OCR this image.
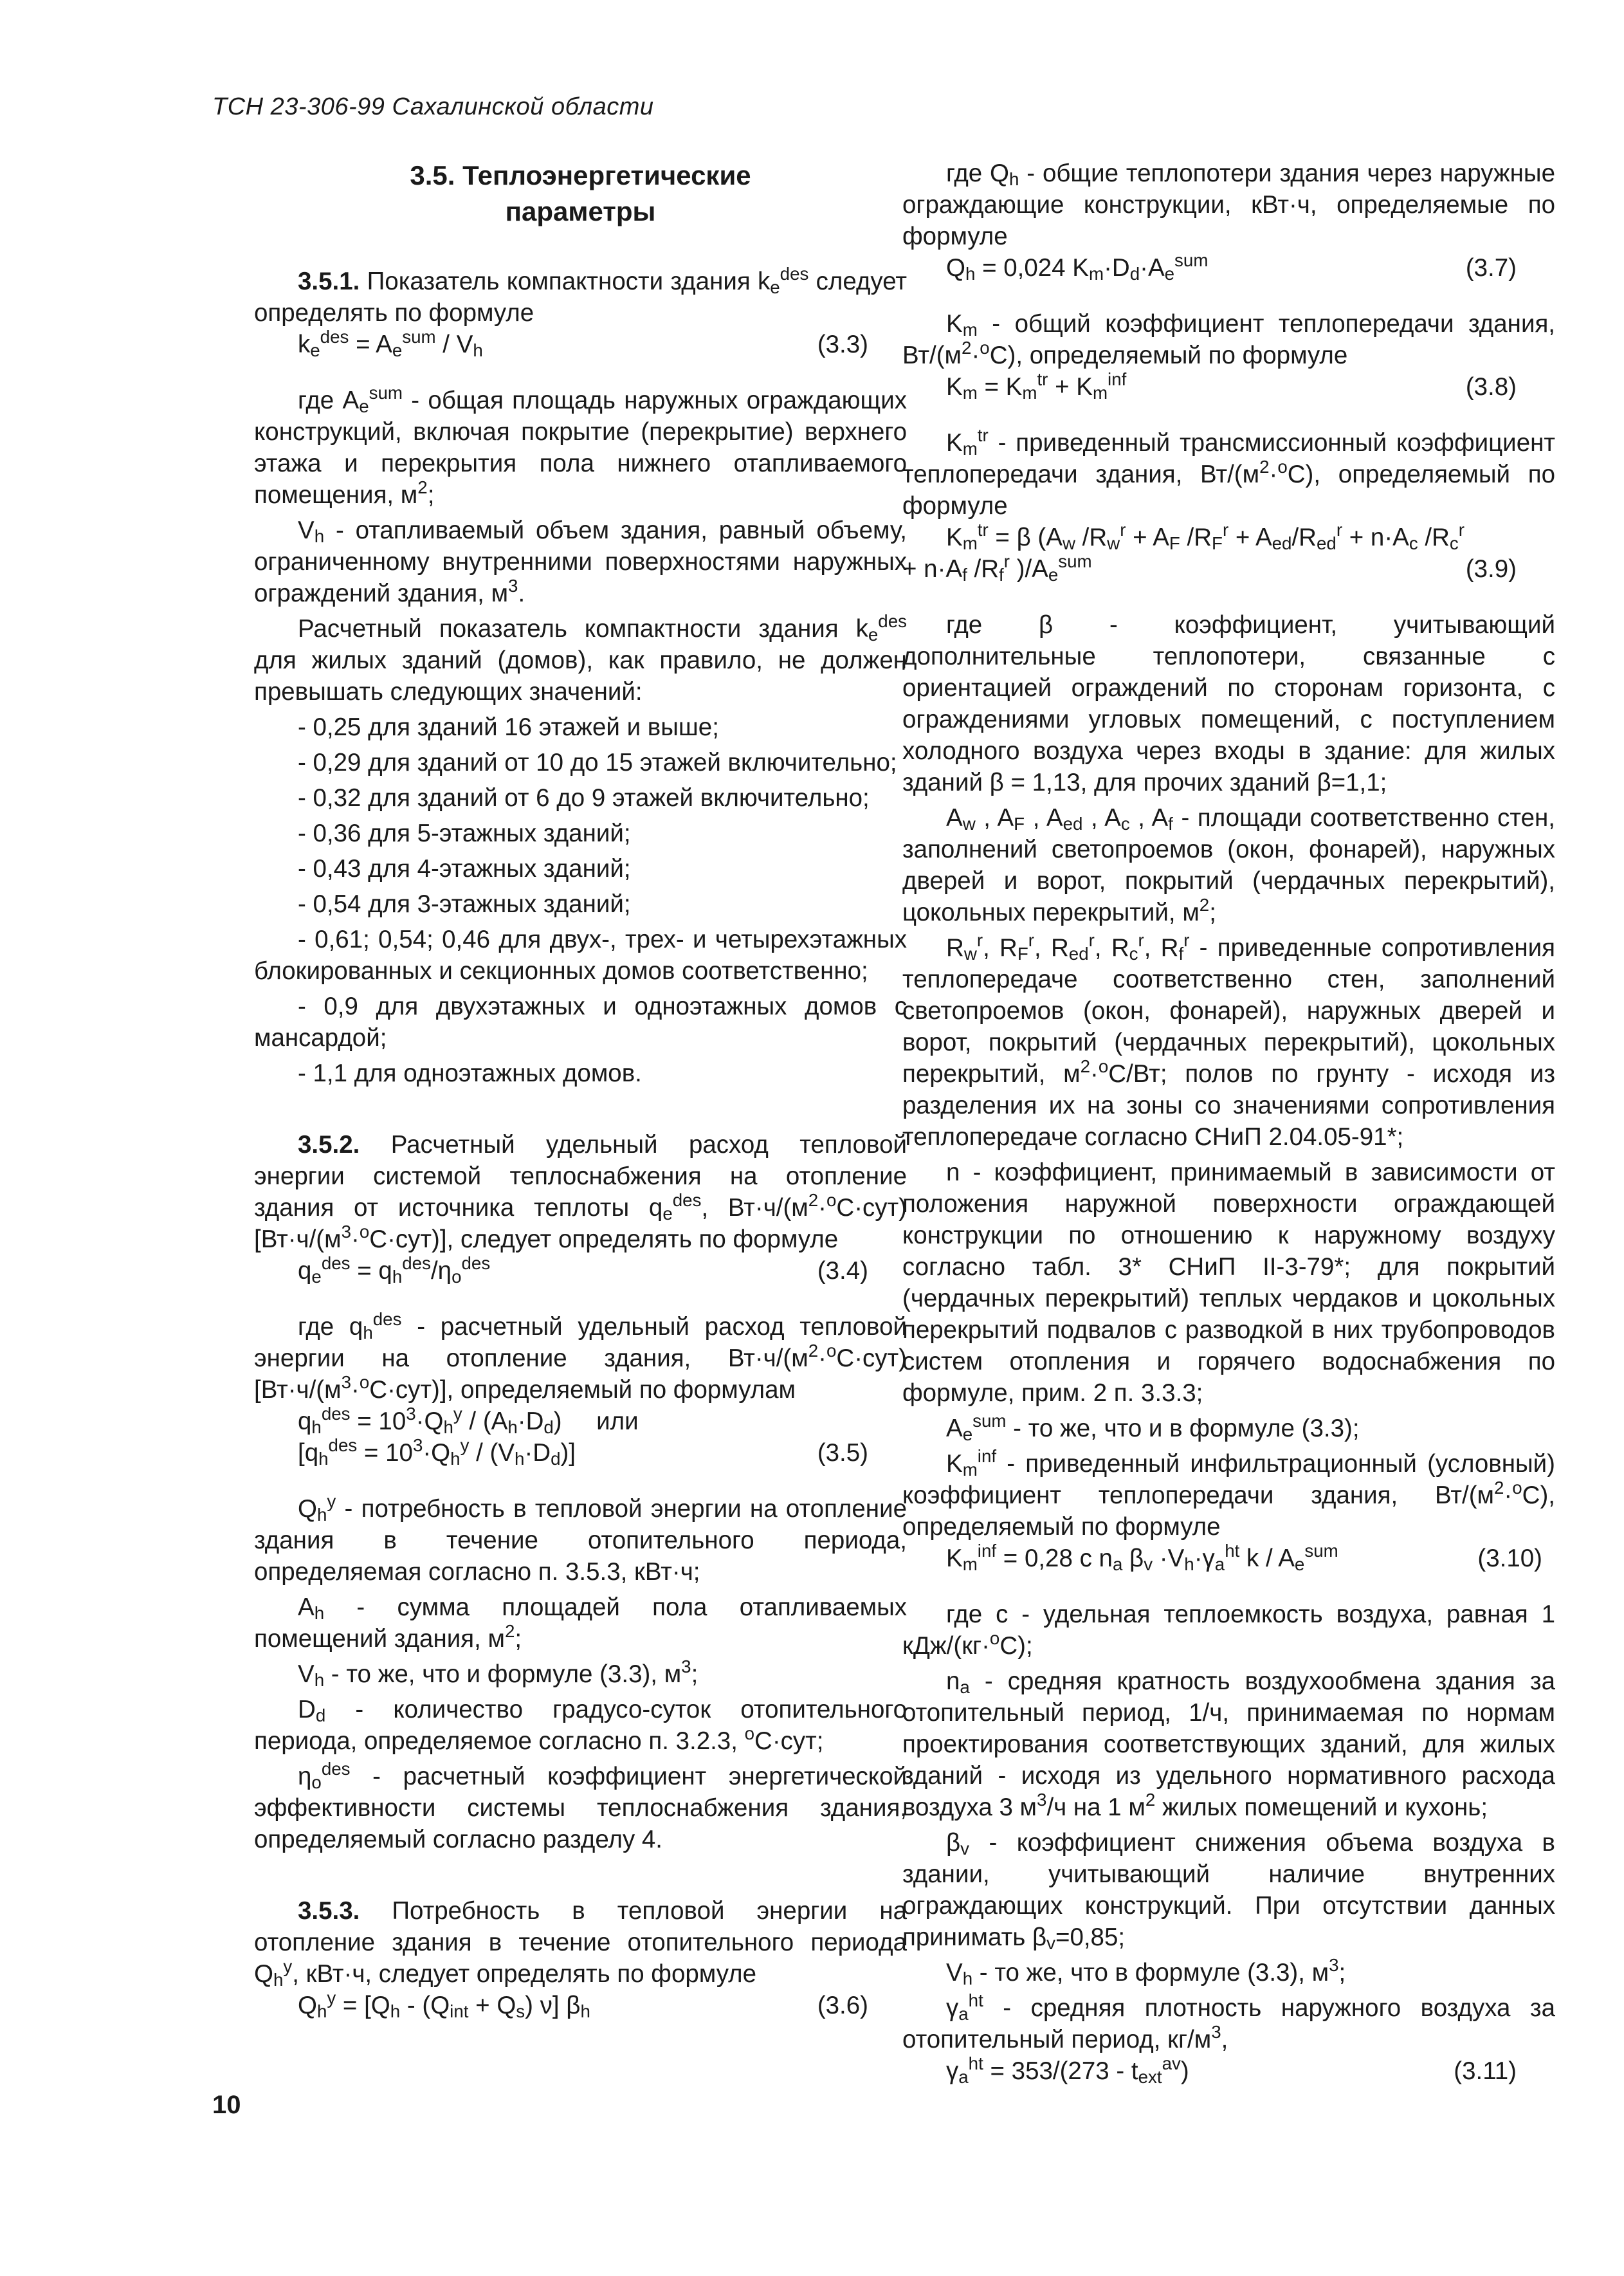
ТСН 23-306-99 Сахалинской области
3.5. Теплоэнергетические
параметры

3.5.1. Показатель компактности здания $k_e^{des}$ следует определять по формуле

$k_e^{des} = A_e^{sum} / V_h$	(3.3)

где $A_e^{sum}$ - общая площадь наружных ограждающих конструкций, включая покрытие (перекрытие) верхнего этажа и перекрытия пола нижнего отапливаемого помещения, $м^2$;

$V_h$ - отапливаемый объем здания, равный объему, ограниченному внутренними поверхностями наружных ограждений здания, $м^3$.

Расчетный показатель компактности здания $k_e^{des}$ для жилых зданий (домов), как правило, не должен превышать следующих значений:

- 0,25 для зданий 16 этажей и выше;

- 0,29 для зданий от 10 до 15 этажей включительно;

- 0,32 для зданий от 6 до 9 этажей включительно;

- 0,36 для 5-этажных зданий;

- 0,43 для 4-этажных зданий;

- 0,54 для 3-этажных зданий;

- 0,61; 0,54; 0,46 для двух-, трех- и четырехэтажных блокированных и секционных домов соответственно;

- 0,9 для двухэтажных и одноэтажных домов с мансардой;

- 1,1 для одноэтажных домов.

3.5.2. Расчетный удельный расход тепловой энергии системой теплоснабжения на отопление здания от источника теплоты $q_e^{des}$, $Вт\cdot ч/(м^2\cdot^oС\cdot сут)$ $[Вт\cdot ч/(м^3\cdot^oС\cdot сут)]$, следует определять по формуле

$q_e^{des} = q_h^{des}/\eta_o^{des}$	(3.4)

где $q_h^{des}$ - расчетный удельный расход тепловой энергии на отопление здания, $Вт\cdot ч/(м^2\cdot^oС\cdot сут)$ $[Вт\cdot ч/(м^3\cdot^oС\cdot сут)]$, определяемый по формулам

$q_h^{des} = 10^3\cdot Q_h^y / (A_h\cdot D_d)$     или
$[q_h^{des} = 10^3\cdot Q_h^y / (V_h\cdot D_d)]$	(3.5)

$Q_h^y$ - потребность в тепловой энергии на отопление здания в течение отопительного периода, определяемая согласно п. 3.5.3, кВт·ч;

$A_h$ - сумма площадей пола отапливаемых помещений здания, $м^2$;

$V_h$ - то же, что и формуле (3.3), $м^3$;

$D_d$ - количество градусо-суток отопительного периода, определяемое согласно п. 3.2.3, $^o$С·сут;

$\eta_o^{des}$ - расчетный коэффициент энергетической эффективности системы теплоснабжения здания, определяемый согласно разделу 4.

3.5.3. Потребность в тепловой энергии на отопление здания в течение отопительного периода $Q_h^y$, кВт·ч, следует определять по формуле

$Q_h^y = [Q_h - (Q_{int} + Q_s)$ ν] $\beta_h$	(3.6)

где $Q_h$ - общие теплопотери здания через наружные ограждающие конструкции, кВт·ч, определяемые по формуле

$Q_h = 0,024$ $K_m\cdot D_d\cdot A_e^{sum}$	(3.7)

$K_m$ - общий коэффициент теплопередачи здания, $Вт/(м^2\cdot^oС)$, определяемый по формуле

$K_m = K_m^{tr} + K_m^{inf}$	(3.8)

$K_m^{tr}$ - приведенный трансмиссионный коэффициент теплопередачи здания, $Вт/(м^2\cdot^oС)$, определяемый по формуле

$K_m^{tr} = \beta$ ($A_w$ $/R_w^r + A_F$ $/R_F^r + A_{ed}/R_{ed}^r + n\cdot A_c$ $/R_c^r$
+ $n\cdot A_f$ $/R_f^r$ )$/A_e^{sum}$	(3.9)

где β - коэффициент, учитывающий дополнительные теплопотери, связанные с ориентацией ограждений по сторонам горизонта, с ограждениями угловых помещений, с поступлением холодного воздуха через входы в здание: для жилых зданий β = 1,13, для прочих зданий β=1,1;

$A_w$ , $A_F$ , $A_{ed}$ , $A_c$ , $A_f$ - площади соответственно стен, заполнений светопроемов (окон, фонарей), наружных дверей и ворот, покрытий (чердачных перекрытий), цокольных перекрытий, $м^2$;

$R_w^r$, $R_F^r$, $R_{ed}^r$, $R_c^r$, $R_f^r$ - приведенные сопротивления теплопередаче соответственно стен, заполнений светопроемов (окон, фонарей), наружных дверей и ворот, покрытий (чердачных перекрытий), цокольных перекрытий, $м^2\cdot^oС/Вт$; полов по грунту - исходя из разделения их на зоны со значениями сопротивления теплопередаче согласно СНиП 2.04.05-91*;

n - коэффициент, принимаемый в зависимости от положения наружной поверхности ограждающей конструкции по отношению к наружному воздуху согласно табл. 3* СНиП II-3-79*; для покрытий (чердачных перекрытий) теплых чердаков и цокольных перекрытий подвалов с разводкой в них трубопроводов систем отопления и горячего водоснабжения по формуле, прим. 2 п. 3.3.3;

$A_e^{sum}$ - то же, что и в формуле (3.3);

$K_m^{inf}$ - приведенный инфильтрационный (условный) коэффициент теплопередачи здания, $Вт/(м^2\cdot^oС)$, определяемый по формуле

$K_m^{inf} = 0,28$ c $n_a$ $\beta_v \cdot V_h\cdot\gamma_a^{ht}$ k / $A_e^{sum}$	(3.10)

где c - удельная теплоемкость воздуха, равная 1 кДж/(кг·$^o$С);

$n_a$ - средняя кратность воздухообмена здания за отопительный период, 1/ч, принимаемая по нормам проектирования соответствующих зданий, для жилых зданий - исходя из удельного нормативного расхода воздуха 3 $м^3/ч$ на 1 $м^2$ жилых помещений и кухонь;

$\beta_v$ - коэффициент снижения объема воздуха в здании, учитывающий наличие внутренних ограждающих конструкций. При отсутствии данных принимать $\beta_v=0,85$;

$V_h$ - то же, что в формуле (3.3), $м^3$;

$\gamma_a^{ht}$ - средняя плотность наружного воздуха за отопительный период, $кг/м^3$,

$\gamma_a^{ht} = 353/(273 - t_{ext}^{av})$	(3.11)
10
